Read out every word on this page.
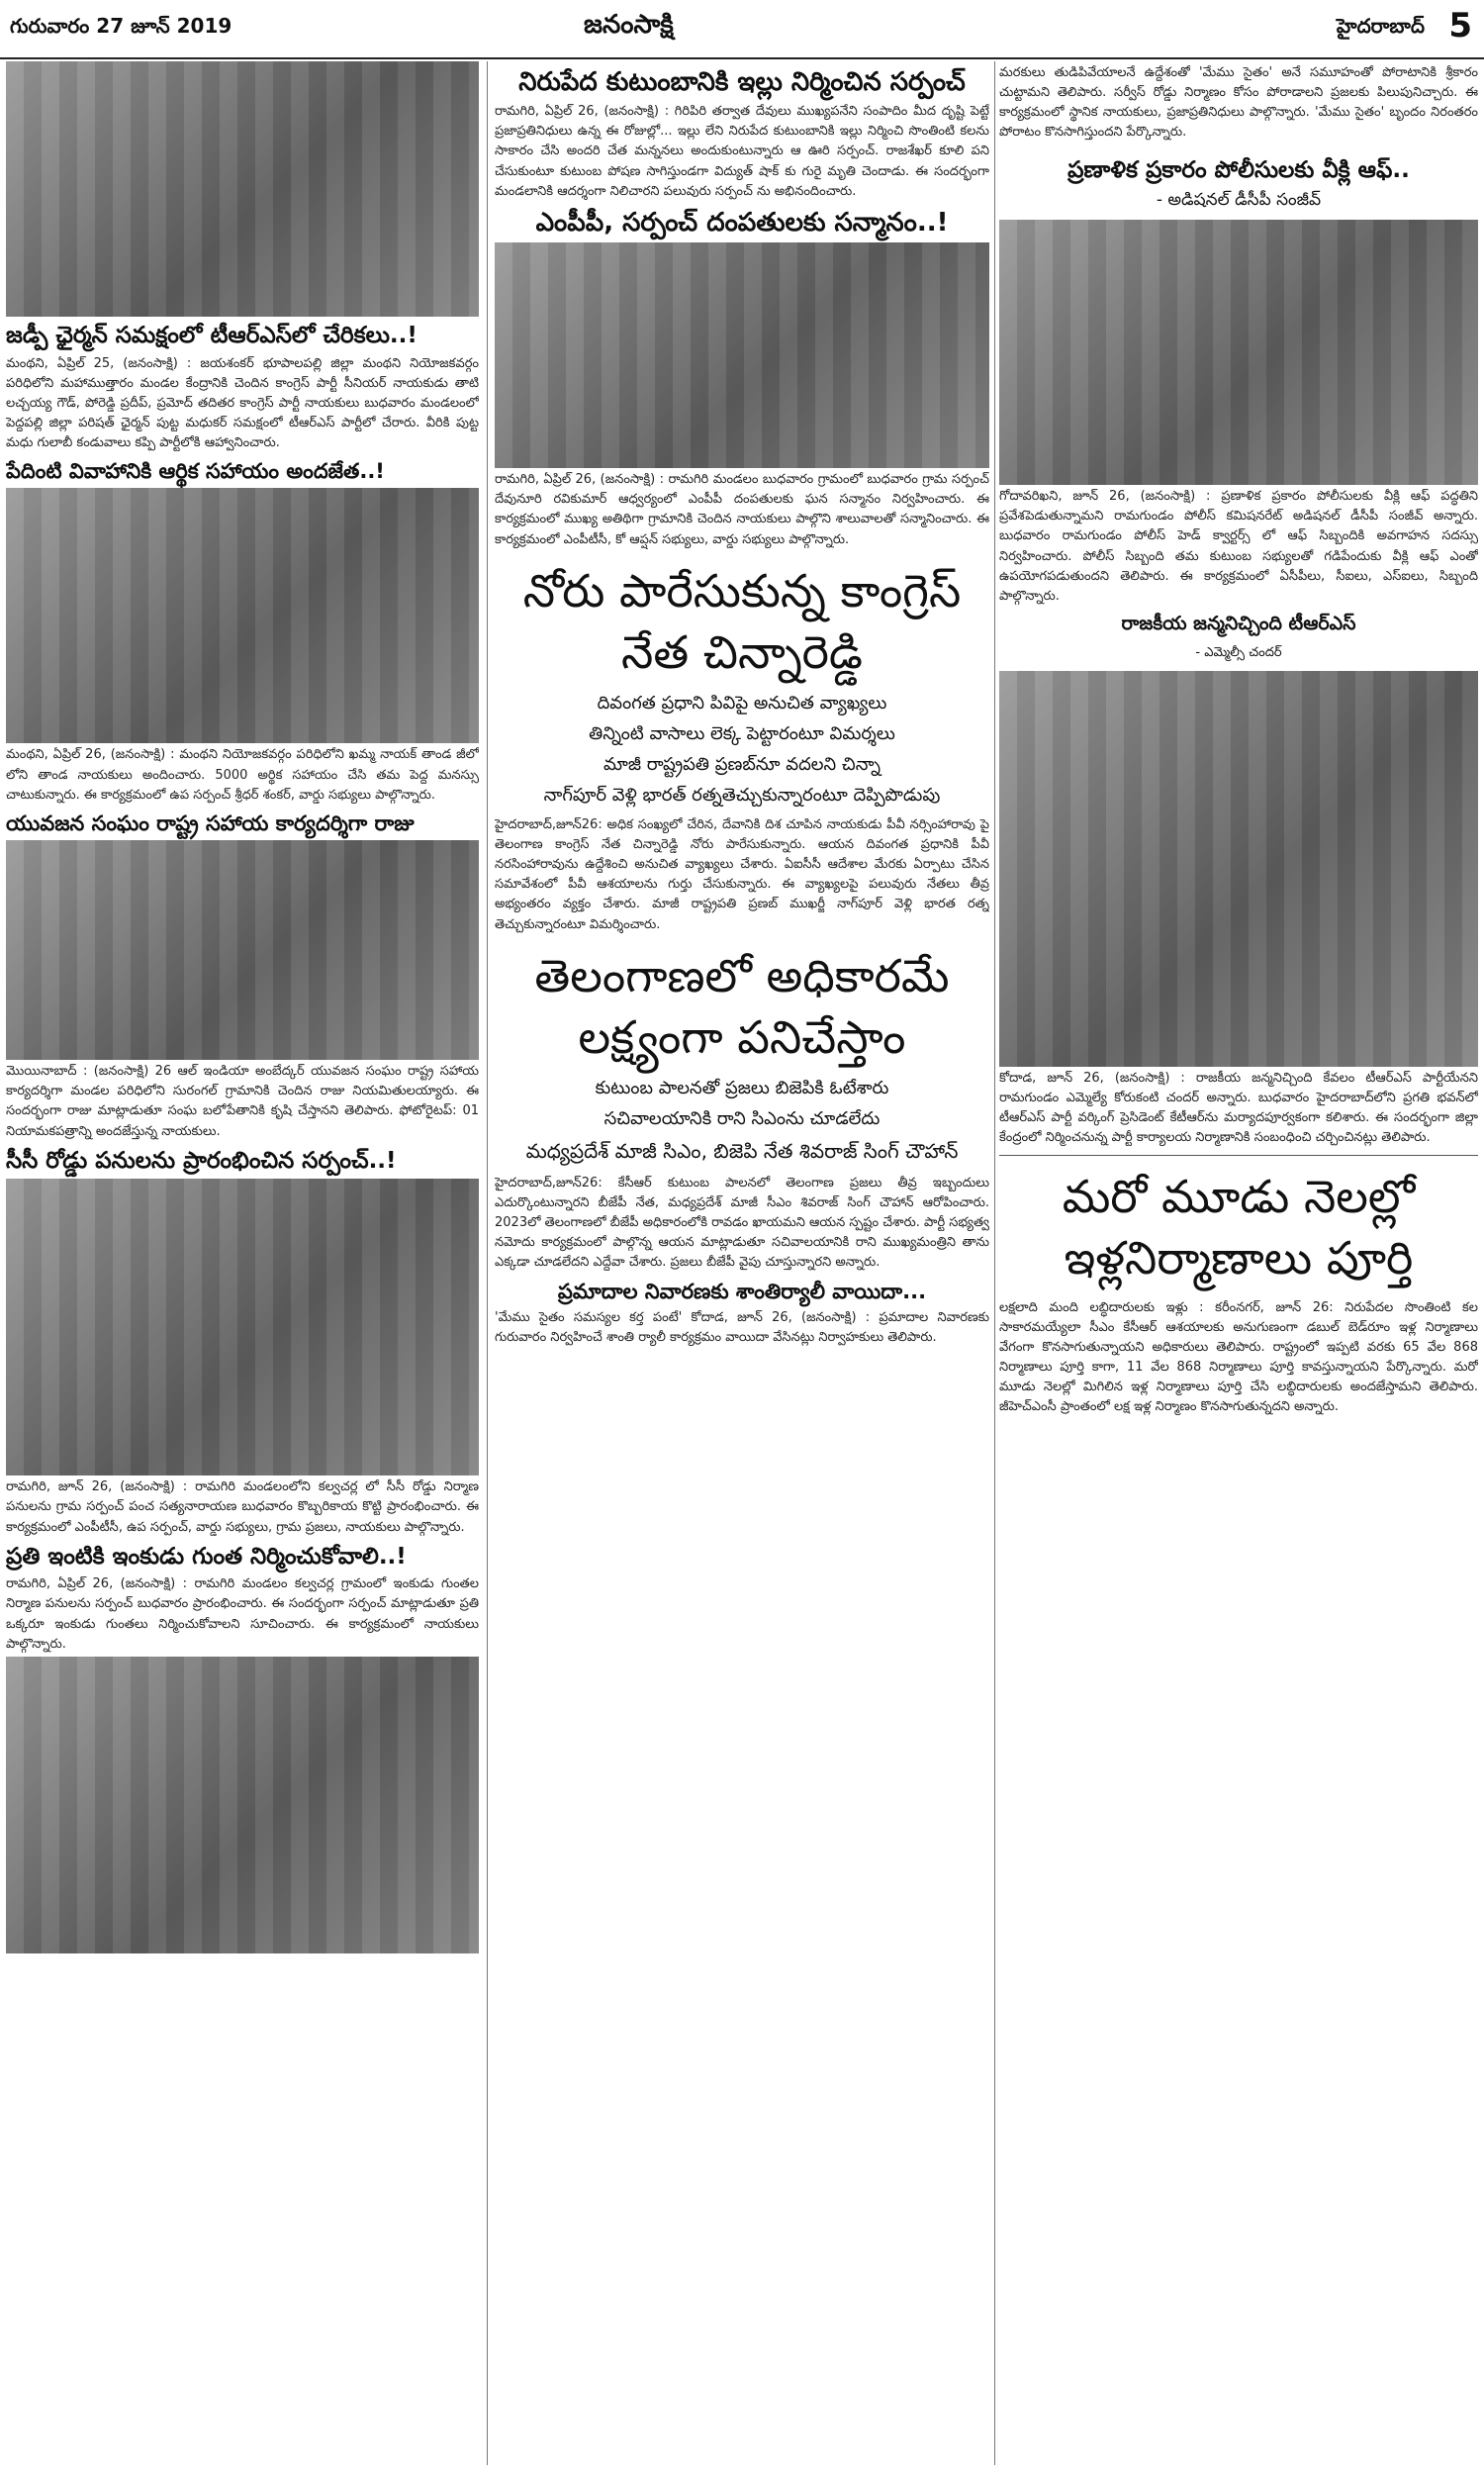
గురువారం 27 జూన్ 2019	జనంసాక్షి	హైదరాబాద్ 5
జడ్పీ ఛైర్మన్ సమక్షంలో టీఆర్ఎస్‌లో చేరికలు..!

మంథని, ఏప్రిల్ 25, (జనంసాక్షి) : జయశంకర్ భూపాలపల్లి జిల్లా మంథని నియోజకవర్గం పరిధిలోని మహాముత్తారం మండల కేంద్రానికి చెందిన కాంగ్రెస్ పార్టీ సీనియర్ నాయకుడు తాటి లచ్చయ్య గౌడ్, పోరెడ్డి ప్రదీప్, ప్రమోద్ తదితర కాంగ్రెస్ పార్టీ నాయకులు బుధవారం మండలంలో పెద్దపల్లి జిల్లా పరిషత్ ఛైర్మన్ పుట్ట మధుకర్ సమక్షంలో టీఆర్ఎస్ పార్టీలో చేరారు. వీరికి పుట్ట మధు గులాబీ కండువాలు కప్పి పార్టీలోకి ఆహ్వానించారు.

పేదింటి వివాహానికి ఆర్థిక సహాయం అందజేత..!

మంథని, ఏప్రిల్ 26, (జనంసాక్షి) : మంథని నియోజకవర్గం పరిధిలోని ఖమ్మ నాయక్ తాండ జీలో లోని తాండ నాయకులు అందించారు. 5000 అర్థిక సహాయం చేసి తమ పెద్ద మనస్సు చాటుకున్నారు. ఈ కార్యక్రమంలో ఉప సర్పంచ్ శ్రీధర్ శంకర్, వార్డు సభ్యులు పాల్గొన్నారు.

యువజన సంఘం రాష్ట్ర సహాయ కార్యదర్శిగా రాజు

మొయినాబాద్ : (జనంసాక్షి) 26 ఆల్ ఇండియా అంబేద్కర్ యువజన సంఘం రాష్ట్ర సహాయ కార్యదర్శిగా మండల పరిధిలోని సురంగల్ గ్రామానికి చెందిన రాజు నియమితులయ్యారు. ఈ సందర్భంగా రాజు మాట్లాడుతూ సంఘ బలోపేతానికి కృషి చేస్తానని తెలిపారు. ఫోటోరైటప్: 01 నియామకపత్రాన్ని అందజేస్తున్న నాయకులు.

సీసీ రోడ్డు పనులను ప్రారంభించిన సర్పంచ్..!

రామగిరి, జూన్ 26, (జనంసాక్షి) : రామగిరి మండలంలోని కల్వచర్ల లో సీసీ రోడ్డు నిర్మాణ పనులను గ్రామ సర్పంచ్ పంచ సత్యనారాయణ బుధవారం కొబ్బరికాయ కొట్టి ప్రారంభించారు. ఈ కార్యక్రమంలో ఎంపీటీసీ, ఉప సర్పంచ్, వార్డు సభ్యులు, గ్రామ ప్రజలు, నాయకులు పాల్గొన్నారు.

ప్రతి ఇంటికి ఇంకుడు గుంత నిర్మించుకోవాలి..!

రామగిరి, ఏప్రిల్ 26, (జనంసాక్షి) : రామగిరి మండలం కల్వచర్ల గ్రామంలో ఇంకుడు గుంతల నిర్మాణ పనులను సర్పంచ్ బుధవారం ప్రారంభించారు. ఈ సందర్భంగా సర్పంచ్ మాట్లాడుతూ ప్రతి ఒక్కరూ ఇంకుడు గుంతలు నిర్మించుకోవాలని సూచించారు. ఈ కార్యక్రమంలో నాయకులు పాల్గొన్నారు.

నిరుపేద కుటుంబానికి ఇల్లు నిర్మించిన సర్పంచ్

రామగిరి, ఏప్రిల్ 26, (జనంసాక్షి) : గిరిపిరి తర్వాత దేవులు ముఖ్యపనేని సంపాదిం మీద దృష్టి పెట్టే ప్రజాప్రతినిధులు ఉన్న ఈ రోజుల్లో... ఇల్లు లేని నిరుపేద కుటుంబానికి ఇల్లు నిర్మించి సొంతింటి కలను సాకారం చేసి అందరి చేత మన్ననలు అందుకుంటున్నారు ఆ ఊరి సర్పంచ్. రాజశేఖర్ కూలి పని చేసుకుంటూ కుటుంబ పోషణ సాగిస్తుండగా విద్యుత్ షాక్ కు గురై మృతి చెందాడు. ఈ సందర్భంగా మండలానికి ఆదర్శంగా నిలిచారని పలువురు సర్పంచ్ ను అభినందించారు.

ఎంపీపీ, సర్పంచ్ దంపతులకు సన్మానం..!

రామగిరి, ఏప్రిల్ 26, (జనంసాక్షి) : రామగిరి మండలం బుధవారం గ్రామంలో బుధవారం గ్రామ సర్పంచ్ దేవునూరి రవికుమార్ ఆధ్వర్యంలో ఎంపీపీ దంపతులకు ఘన సన్మానం నిర్వహించారు. ఈ కార్యక్రమంలో ముఖ్య అతిథిగా గ్రామానికి చెందిన నాయకులు పాల్గొని శాలువాలతో సన్మానించారు. ఈ కార్యక్రమంలో ఎంపీటీసీ, కో ఆప్షన్ సభ్యులు, వార్డు సభ్యులు పాల్గొన్నారు.

నోరు పారేసుకున్న కాంగ్రెస్ నేత చిన్నారెడ్డి
దివంగత ప్రధాని పివిపై అనుచిత వ్యాఖ్యలు
తిన్నింటి వాసాలు లెక్క పెట్టారంటూ విమర్శలు
మాజీ రాష్ట్రపతి ప్రణబ్‌నూ వదలని చిన్నా
నాగ్‌పూర్ వెళ్లి భారత్ రత్నతెచ్చుకున్నారంటూ దెప్పిపొడుపు

హైదరాబాద్,జూన్26: అధిక సంఖ్యలో చేరిన, దేవానికి దిశ చూపిన నాయకుడు పీవీ నర్సింహారావు పై తెలంగాణ కాంగ్రెస్ నేత చిన్నారెడ్డి నోరు పారేసుకున్నారు. ఆయన దివంగత ప్రధానికి పీవీ నరసింహారావును ఉద్దేశించి అనుచిత వ్యాఖ్యలు చేశారు. ఏఐసీసీ ఆదేశాల మేరకు ఏర్పాటు చేసిన సమావేశంలో పీవీ ఆశయాలను గుర్తు చేసుకున్నారు. ఈ వ్యాఖ్యలపై పలువురు నేతలు తీవ్ర అభ్యంతరం వ్యక్తం చేశారు. మాజీ రాష్ట్రపతి ప్రణబ్ ముఖర్జీ నాగ్‌పూర్ వెళ్లి భారత రత్న తెచ్చుకున్నారంటూ విమర్శించారు.

తెలంగాణలో అధికారమే లక్ష్యంగా పనిచేస్తాం
కుటుంబ పాలనతో ప్రజలు బిజెపికి ఓటేశారు
సచివాలయానికి రాని సిఎంను చూడలేదు
మధ్యప్రదేశ్ మాజీ సిఎం, బిజెపి నేత శివరాజ్ సింగ్ చౌహాన్

హైదరాబాద్,జూన్26: కేసీఆర్ కుటుంబ పాలనలో తెలంగాణ ప్రజలు తీవ్ర ఇబ్బందులు ఎదుర్కొంటున్నారని బీజేపీ నేత, మధ్యప్రదేశ్ మాజీ సీఎం శివరాజ్ సింగ్ చౌహాన్ ఆరోపించారు. 2023లో తెలంగాణలో బీజేపీ అధికారంలోకి రావడం ఖాయమని ఆయన స్పష్టం చేశారు. పార్టీ సభ్యత్వ నమోదు కార్యక్రమంలో పాల్గొన్న ఆయన మాట్లాడుతూ సచివాలయానికి రాని ముఖ్యమంత్రిని తాను ఎక్కడా చూడలేదని ఎద్దేవా చేశారు. ప్రజలు బీజేపీ వైపు చూస్తున్నారని అన్నారు.

ప్రమాదాల నివారణకు శాంతిర్యాలీ వాయిదా...

'మేము సైతం సమస్యల కర్త పంటే' కోదాడ, జూన్ 26, (జనంసాక్షి) : ప్రమాదాల నివారణకు గురువారం నిర్వహించే శాంతి ర్యాలీ కార్యక్రమం వాయిదా వేసినట్లు నిర్వాహకులు తెలిపారు.

మరకులు తుడిపివేయాలనే ఉద్దేశంతో 'మేము సైతం' అనే సమూహంతో పోరాటానికి శ్రీకారం చుట్టామని తెలిపారు. సర్వీస్ రోడ్డు నిర్మాణం కోసం పోరాడాలని ప్రజలకు పిలుపునిచ్చారు. ఈ కార్యక్రమంలో స్థానిక నాయకులు, ప్రజాప్రతినిధులు పాల్గొన్నారు. 'మేము సైతం' బృందం నిరంతరం పోరాటం కొనసాగిస్తుందని పేర్కొన్నారు.

ప్రణాళిక ప్రకారం పోలీసులకు వీక్లి ఆఫ్..
- అడిషనల్ డీసీపీ సంజీవ్

గోదావరిఖని, జూన్ 26, (జనంసాక్షి) : ప్రణాళిక ప్రకారం పోలీసులకు వీక్లి ఆఫ్ పద్ధతిని ప్రవేశపెడుతున్నామని రామగుండం పోలీస్ కమిషనరేట్ అడిషనల్ డీసీపీ సంజీవ్ అన్నారు. బుధవారం రామగుండం పోలీస్ హెడ్ క్వార్టర్స్ లో ఆఫ్ సిబ్బందికి అవగాహన సదస్సు నిర్వహించారు. పోలీస్ సిబ్బంది తమ కుటుంబ సభ్యులతో గడిపేందుకు వీక్లి ఆఫ్ ఎంతో ఉపయోగపడుతుందని తెలిపారు. ఈ కార్యక్రమంలో ఏసీపీలు, సీఐలు, ఎస్ఐలు, సిబ్బంది పాల్గొన్నారు.

రాజకీయ జన్మనిచ్చింది టీఆర్ఎస్
- ఎమ్మెల్సీ చందర్

కోదాడ, జూన్ 26, (జనంసాక్షి) : రాజకీయ జన్మనిచ్చింది కేవలం టీఆర్ఎస్ పార్టీయేనని రామగుండం ఎమ్మెల్యే కోరుకంటి చందర్ అన్నారు. బుధవారం హైదరాబాద్‌లోని ప్రగతి భవన్‌లో టీఆర్ఎస్ పార్టీ వర్కింగ్ ప్రెసిడెంట్ కేటీఆర్‌ను మర్యాదపూర్వకంగా కలిశారు. ఈ సందర్భంగా జిల్లా కేంద్రంలో నిర్మించనున్న పార్టీ కార్యాలయ నిర్మాణానికి సంబంధించి చర్చించినట్లు తెలిపారు.

మరో మూడు నెలల్లో ఇళ్లనిర్మాణాలు పూర్తి

లక్షలాది మంది లబ్ధిదారులకు ఇళ్లు : కరీంనగర్, జూన్ 26: నిరుపేదల సొంతింటి కల సాకారమయ్యేలా సీఎం కేసీఆర్ ఆశయాలకు అనుగుణంగా డబుల్ బెడ్‌రూం ఇళ్ల నిర్మాణాలు వేగంగా కొనసాగుతున్నాయని అధికారులు తెలిపారు. రాష్ట్రంలో ఇప్పటి వరకు 65 వేల 868 నిర్మాణాలు పూర్తి కాగా, 11 వేల 868 నిర్మాణాలు పూర్తి కావస్తున్నాయని పేర్కొన్నారు. మరో మూడు నెలల్లో మిగిలిన ఇళ్ల నిర్మాణాలు పూర్తి చేసి లబ్ధిదారులకు అందజేస్తామని తెలిపారు. జీహెచ్ఎంసీ ప్రాంతంలో లక్ష ఇళ్ల నిర్మాణం కొనసాగుతున్నదని అన్నారు.
